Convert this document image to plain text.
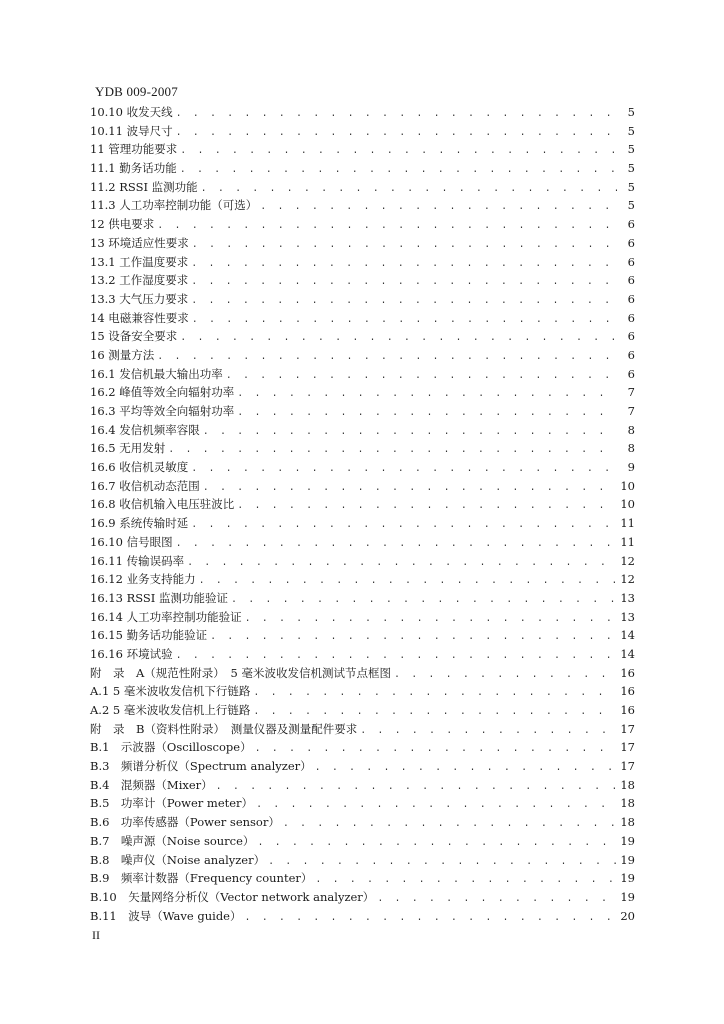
YDB 009-2007
10.10 收发天线 . . .	5
10.11 波导尺寸 . . .	5
11 管理功能要求 . . .	5
11.1 勤务话功能 . . .	5
11.2 RSSI 监测功能 . . .	5
11.3 人工功率控制功能（可选） . . .	5
12 供电要求 . . .	6
13 环境适应性要求 . . .	6
13.1 工作温度要求 . . .	6
13.2 工作湿度要求 . . .	6
13.3 大气压力要求 . . .	6
14 电磁兼容性要求 . . .	6
15 设备安全要求 . . .	6
16 测量方法 . . .	6
16.1 发信机最大输出功率 . . .	6
16.2 峰值等效全向辐射功率 . . .	7
16.3 平均等效全向辐射功率 . . .	7
16.4 发信机频率容限 . . .	8
16.5 无用发射 . . .	8
16.6 收信机灵敏度 . . .	9
16.7 收信机动态范围 . . .	10
16.8 收信机输入电压驻波比 . . .	10
16.9 系统传输时延 . . .	11
16.10 信号眼图 . . .	11
16.11 传输误码率 . . .	12
16.12 业务支持能力 . . .	12
16.13 RSSI 监测功能验证 . . .	13
16.14 人工功率控制功能验证 . . .	13
16.15 勤务话功能验证 . . .	14
16.16 环境试验 . . .	14
附　录　A（规范性附录）　5 毫米波收发信机测试节点框图 . . .	16
A.1 5 毫米波收发信机下行链路 . . .	16
A.2 5 毫米波收发信机上行链路 . . .	16
附　录　B（资料性附录）　测量仪器及测量配件要求 . . .	17
B.1　示波器（Oscilloscope） . . .	17
B.3　频谱分析仪（Spectrum analyzer） . . .	17
B.4　混频器（Mixer） . . .	18
B.5　功率计（Power meter） . . .	18
B.6　功率传感器（Power sensor） . . .	18
B.7　噪声源（Noise source） . . .	19
B.8　噪声仪（Noise analyzer） . . .	19
B.9　频率计数器（Frequency counter） . . .	19
B.10　矢量网络分析仪（Vector network analyzer） . . .	19
B.11　波导（Wave guide） . . .	20
II
